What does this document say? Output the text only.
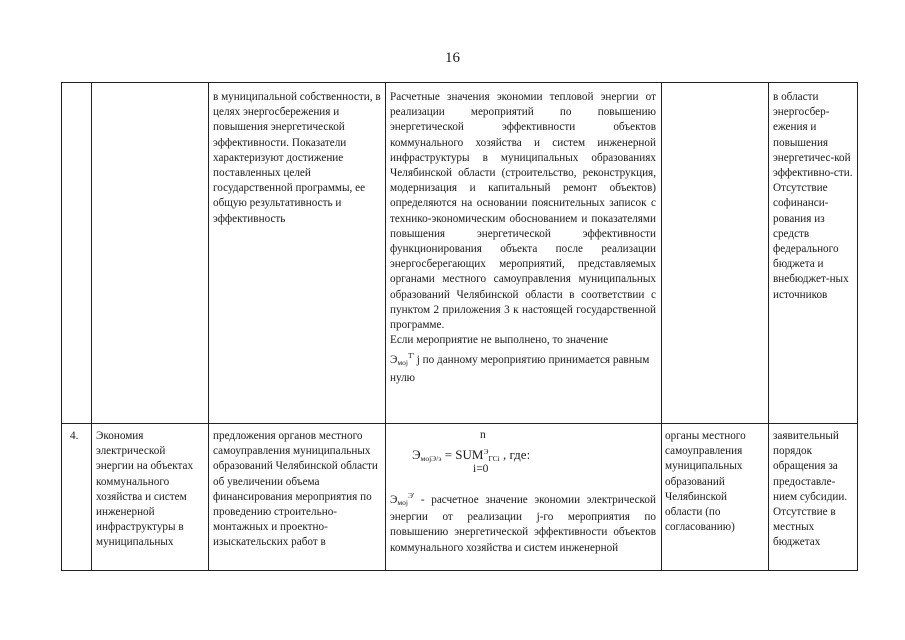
16
в муниципальной собственности, в целях энергосбережения и повышения энергетической эффективности. Показатели характеризуют достижение поставленных целей государственной программы, ее общую результативность и эффективность

Расчетные значения экономии тепловой энергии от реализации мероприятий по повышению энергетической эффективности объектов коммунального хозяйства и систем инженерной инфраструктуры в муниципальных образованиях Челябинской области (строительство, реконструкция, модернизация и капитальный ремонт объектов) определяются на основании пояснительных записок с технико-экономическим обоснованием и показателями повышения энергетической эффективности функционирования объекта после реализации энергосберегающих мероприятий, представляемых органами местного самоуправления муниципальных образований Челябинской области в соответствии с пунктом 2 приложения 3 к настоящей государственной программе.

Если мероприятие не выполнено, то значение

$Э_{моj}^{Т'}$ j по данному мероприятию принимается равным нулю

в области энергосбер-ежения и повышения энергетичес-кой эффективно-сти. Отсутствие софинанси-рования из средств федерального бюджета и внебюджет-ных источников
4.	Экономия электрической энергии на объектах коммунального хозяйства и систем инженерной инфраструктуры в муниципальных
предложения органов местного самоуправления муниципальных образований Челябинской области об увеличении объема финансирования мероприятия по проведению строительно-монтажных и проектно-изыскательских работ в
n
$Э_{моjЭ/э} = SUM^Э_{ГСi}$ , где:
i=0
$Э_{моj}^{Э'}$ - расчетное значение экономии электрической энергии от реализации j-го мероприятия по повышению энергетической эффективности объектов коммунального хозяйства и систем инженерной
органы местного самоуправления муниципальных образований Челябинской области (по согласованию)
заявительный порядок обращения за предоставле-нием субсидии. Отсутствие в местных бюджетах
